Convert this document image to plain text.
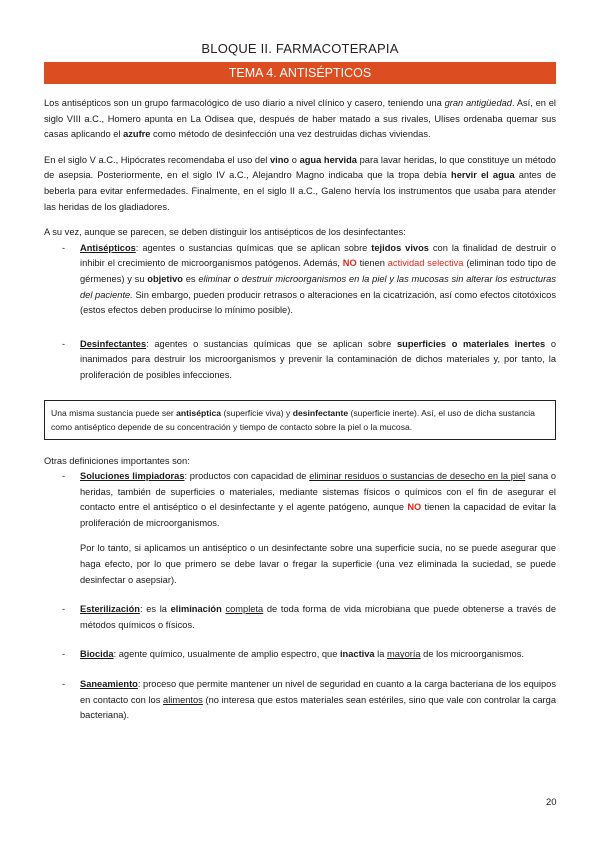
BLOQUE II. FARMACOTERAPIA
TEMA 4. ANTISÉPTICOS

Los antisépticos son un grupo farmacológico de uso diario a nivel clínico y casero, teniendo una gran antigüedad. Así, en el siglo VIII a.C., Homero apunta en La Odisea que, después de haber matado a sus rivales, Ulises ordenaba quemar sus casas aplicando el azufre como método de desinfección una vez destruidas dichas viviendas.

En el siglo V a.C., Hipócrates recomendaba el uso del vino o agua hervida para lavar heridas, lo que constituye un método de asepsia. Posteriormente, en el siglo IV a.C., Alejandro Magno indicaba que la tropa debía hervir el agua antes de beberla para evitar enfermedades. Finalmente, en el siglo II a.C., Galeno hervía los instrumentos que usaba para atender las heridas de los gladiadores.

A su vez, aunque se parecen, se deben distinguir los antisépticos de los desinfectantes:

- Antisépticos: agentes o sustancias químicas que se aplican sobre tejidos vivos con la finalidad de destruir o inhibir el crecimiento de microorganismos patógenos. Además, NO tienen actividad selectiva (eliminan todo tipo de gérmenes) y su objetivo es eliminar o destruir microorganismos en la piel y las mucosas sin alterar los estructuras del paciente. Sin embargo, pueden producir retrasos o alteraciones en la cicatrización, así como efectos citotóxicos (estos efectos deben producirse lo mínimo posible).

- Desinfectantes: agentes o sustancias químicas que se aplican sobre superficies o materiales inertes o inanimados para destruir los microorganismos y prevenir la contaminación de dichos materiales y, por tanto, la proliferación de posibles infecciones.

Una misma sustancia puede ser antiséptica (superficie viva) y desinfectante (superficie inerte). Así, el uso de dicha sustancia como antiséptico depende de su concentración y tiempo de contacto sobre la piel o la mucosa.

Otras definiciones importantes son:

- Soluciones limpiadoras: productos con capacidad de eliminar residuos o sustancias de desecho en la piel sana o heridas, también de superficies o materiales, mediante sistemas físicos o químicos con el fin de asegurar el contacto entre el antiséptico o el desinfectante y el agente patógeno, aunque NO tienen la capacidad de evitar la proliferación de microorganismos.

Por lo tanto, si aplicamos un antiséptico o un desinfectante sobre una superficie sucia, no se puede asegurar que haga efecto, por lo que primero se debe lavar o fregar la superficie (una vez eliminada la suciedad, se puede desinfectar o asepsiar).

- Esterilización: es la eliminación completa de toda forma de vida microbiana que puede obtenerse a través de métodos químicos o físicos.

- Biocida: agente químico, usualmente de amplio espectro, que inactiva la mayoría de los microorganismos.

- Saneamiento: proceso que permite mantener un nivel de seguridad en cuanto a la carga bacteriana de los equipos en contacto con los alimentos (no interesa que estos materiales sean estériles, sino que vale con controlar la carga bacteriana).

20
